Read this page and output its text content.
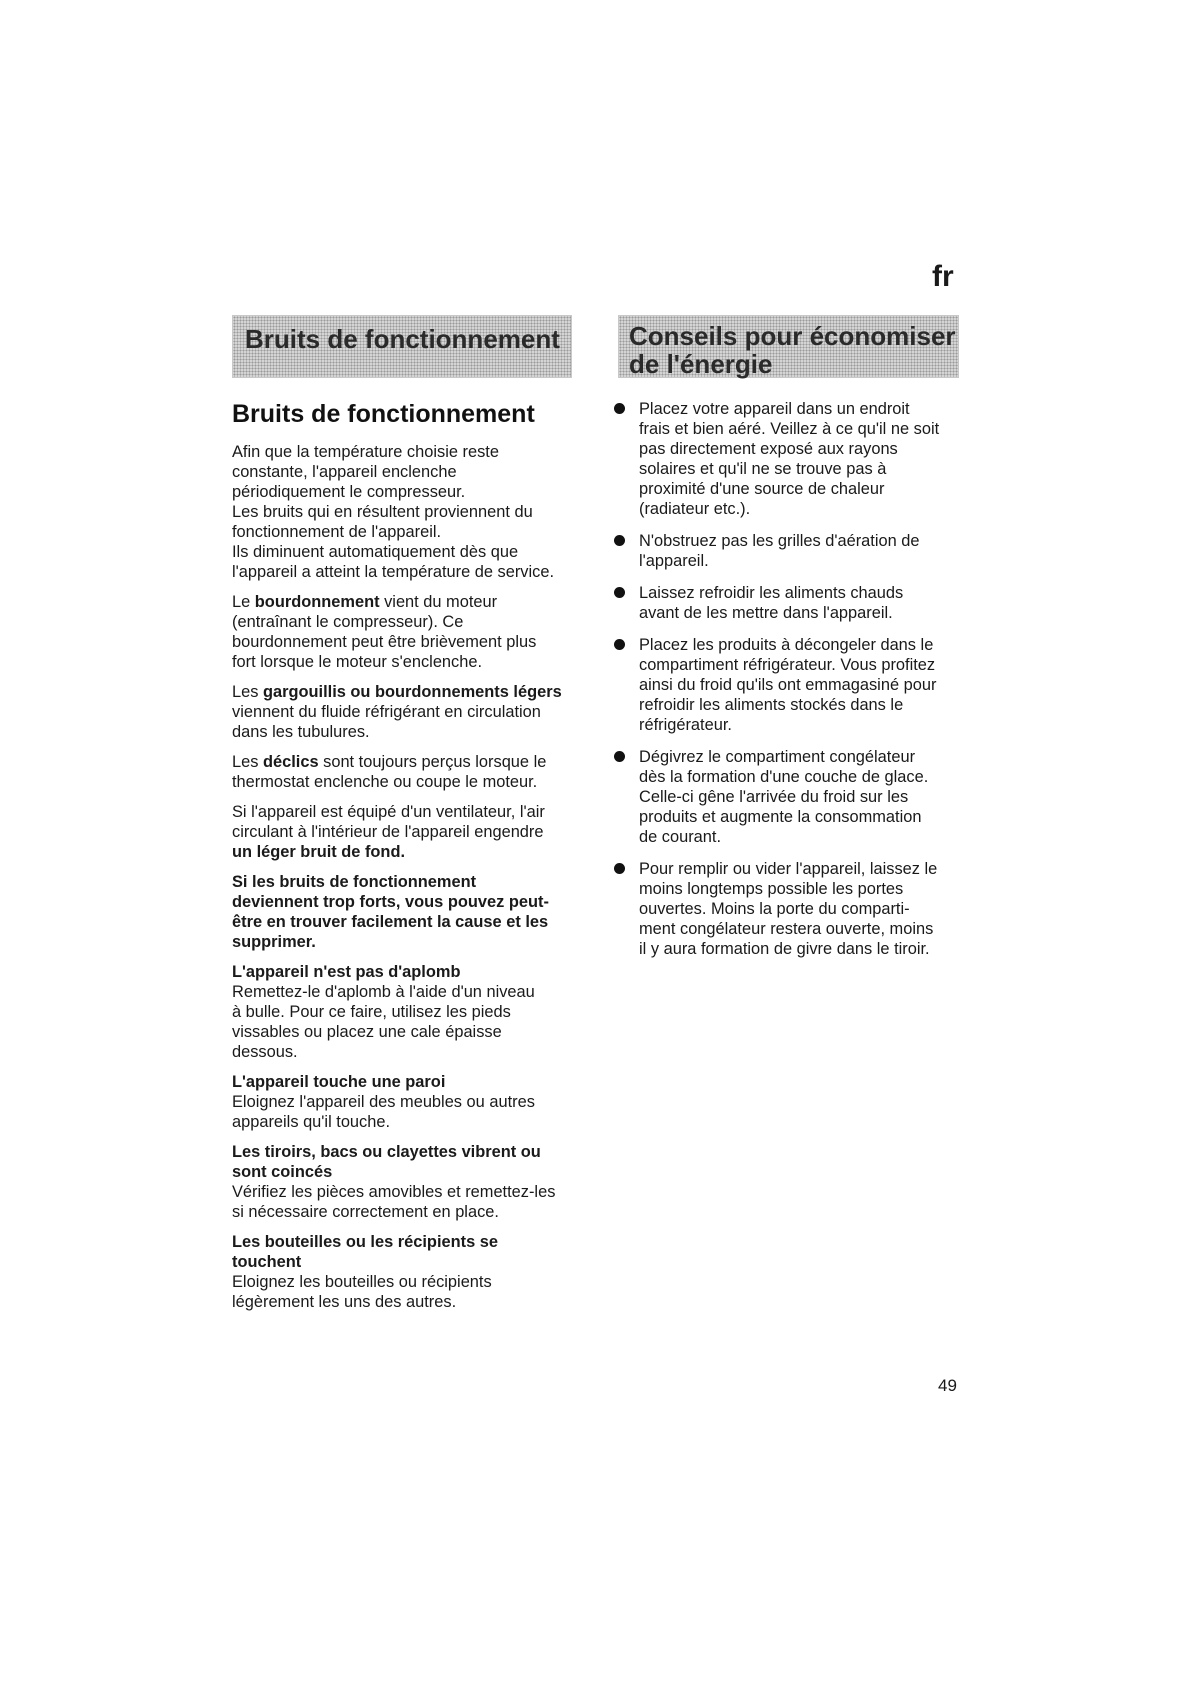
fr
Bruits de fonctionnement	Conseils pour économiser
de l'énergie
Bruits de fonctionnement

Afin que la température choisie reste
constante, l'appareil enclenche
périodiquement le compresseur.
Les bruits qui en résultent proviennent du
fonctionnement de l'appareil.
Ils diminuent automatiquement dès que
l'appareil a atteint la température de service.

Le bourdonnement vient du moteur
(entraînant le compresseur). Ce
bourdonnement peut être brièvement plus
fort lorsque le moteur s'enclenche.

Les gargouillis ou bourdonnements légers
viennent du fluide réfrigérant en circulation
dans les tubulures.

Les déclics sont toujours perçus lorsque le
thermostat enclenche ou coupe le moteur.

Si l'appareil est équipé d'un ventilateur, l'air
circulant à l'intérieur de l'appareil engendre
un léger bruit de fond.

Si les bruits de fonctionnement
deviennent trop forts, vous pouvez peut-
être en trouver facilement la cause et les
supprimer.

L'appareil n'est pas d'aplomb
Remettez-le d'aplomb à l'aide d'un niveau
à bulle. Pour ce faire, utilisez les pieds
vissables ou placez une cale épaisse
dessous.

L'appareil touche une paroi
Eloignez l'appareil des meubles ou autres
appareils qu'il touche.

Les tiroirs, bacs ou clayettes vibrent ou
sont coincés
Vérifiez les pièces amovibles et remettez-les
si nécessaire correctement en place.

Les bouteilles ou les récipients se
touchent
Eloignez les bouteilles ou récipients
légèrement les uns des autres.

Placez votre appareil dans un endroit
frais et bien aéré. Veillez à ce qu'il ne soit
pas directement exposé aux rayons
solaires et qu'il ne se trouve pas à
proximité d'une source de chaleur
(radiateur etc.).
N'obstruez pas les grilles d'aération de
l'appareil.
Laissez refroidir les aliments chauds
avant de les mettre dans l'appareil.
Placez les produits à décongeler dans le
compartiment réfrigérateur. Vous profitez
ainsi du froid qu'ils ont emmagasiné pour
refroidir les aliments stockés dans le
réfrigérateur.
Dégivrez le compartiment congélateur
dès la formation d'une couche de glace.
Celle-ci gêne l'arrivée du froid sur les
produits et augmente la consommation
de courant.
Pour remplir ou vider l'appareil, laissez le
moins longtemps possible les portes
ouvertes. Moins la porte du comparti-
ment congélateur restera ouverte, moins
il y aura formation de givre dans le tiroir.
49
